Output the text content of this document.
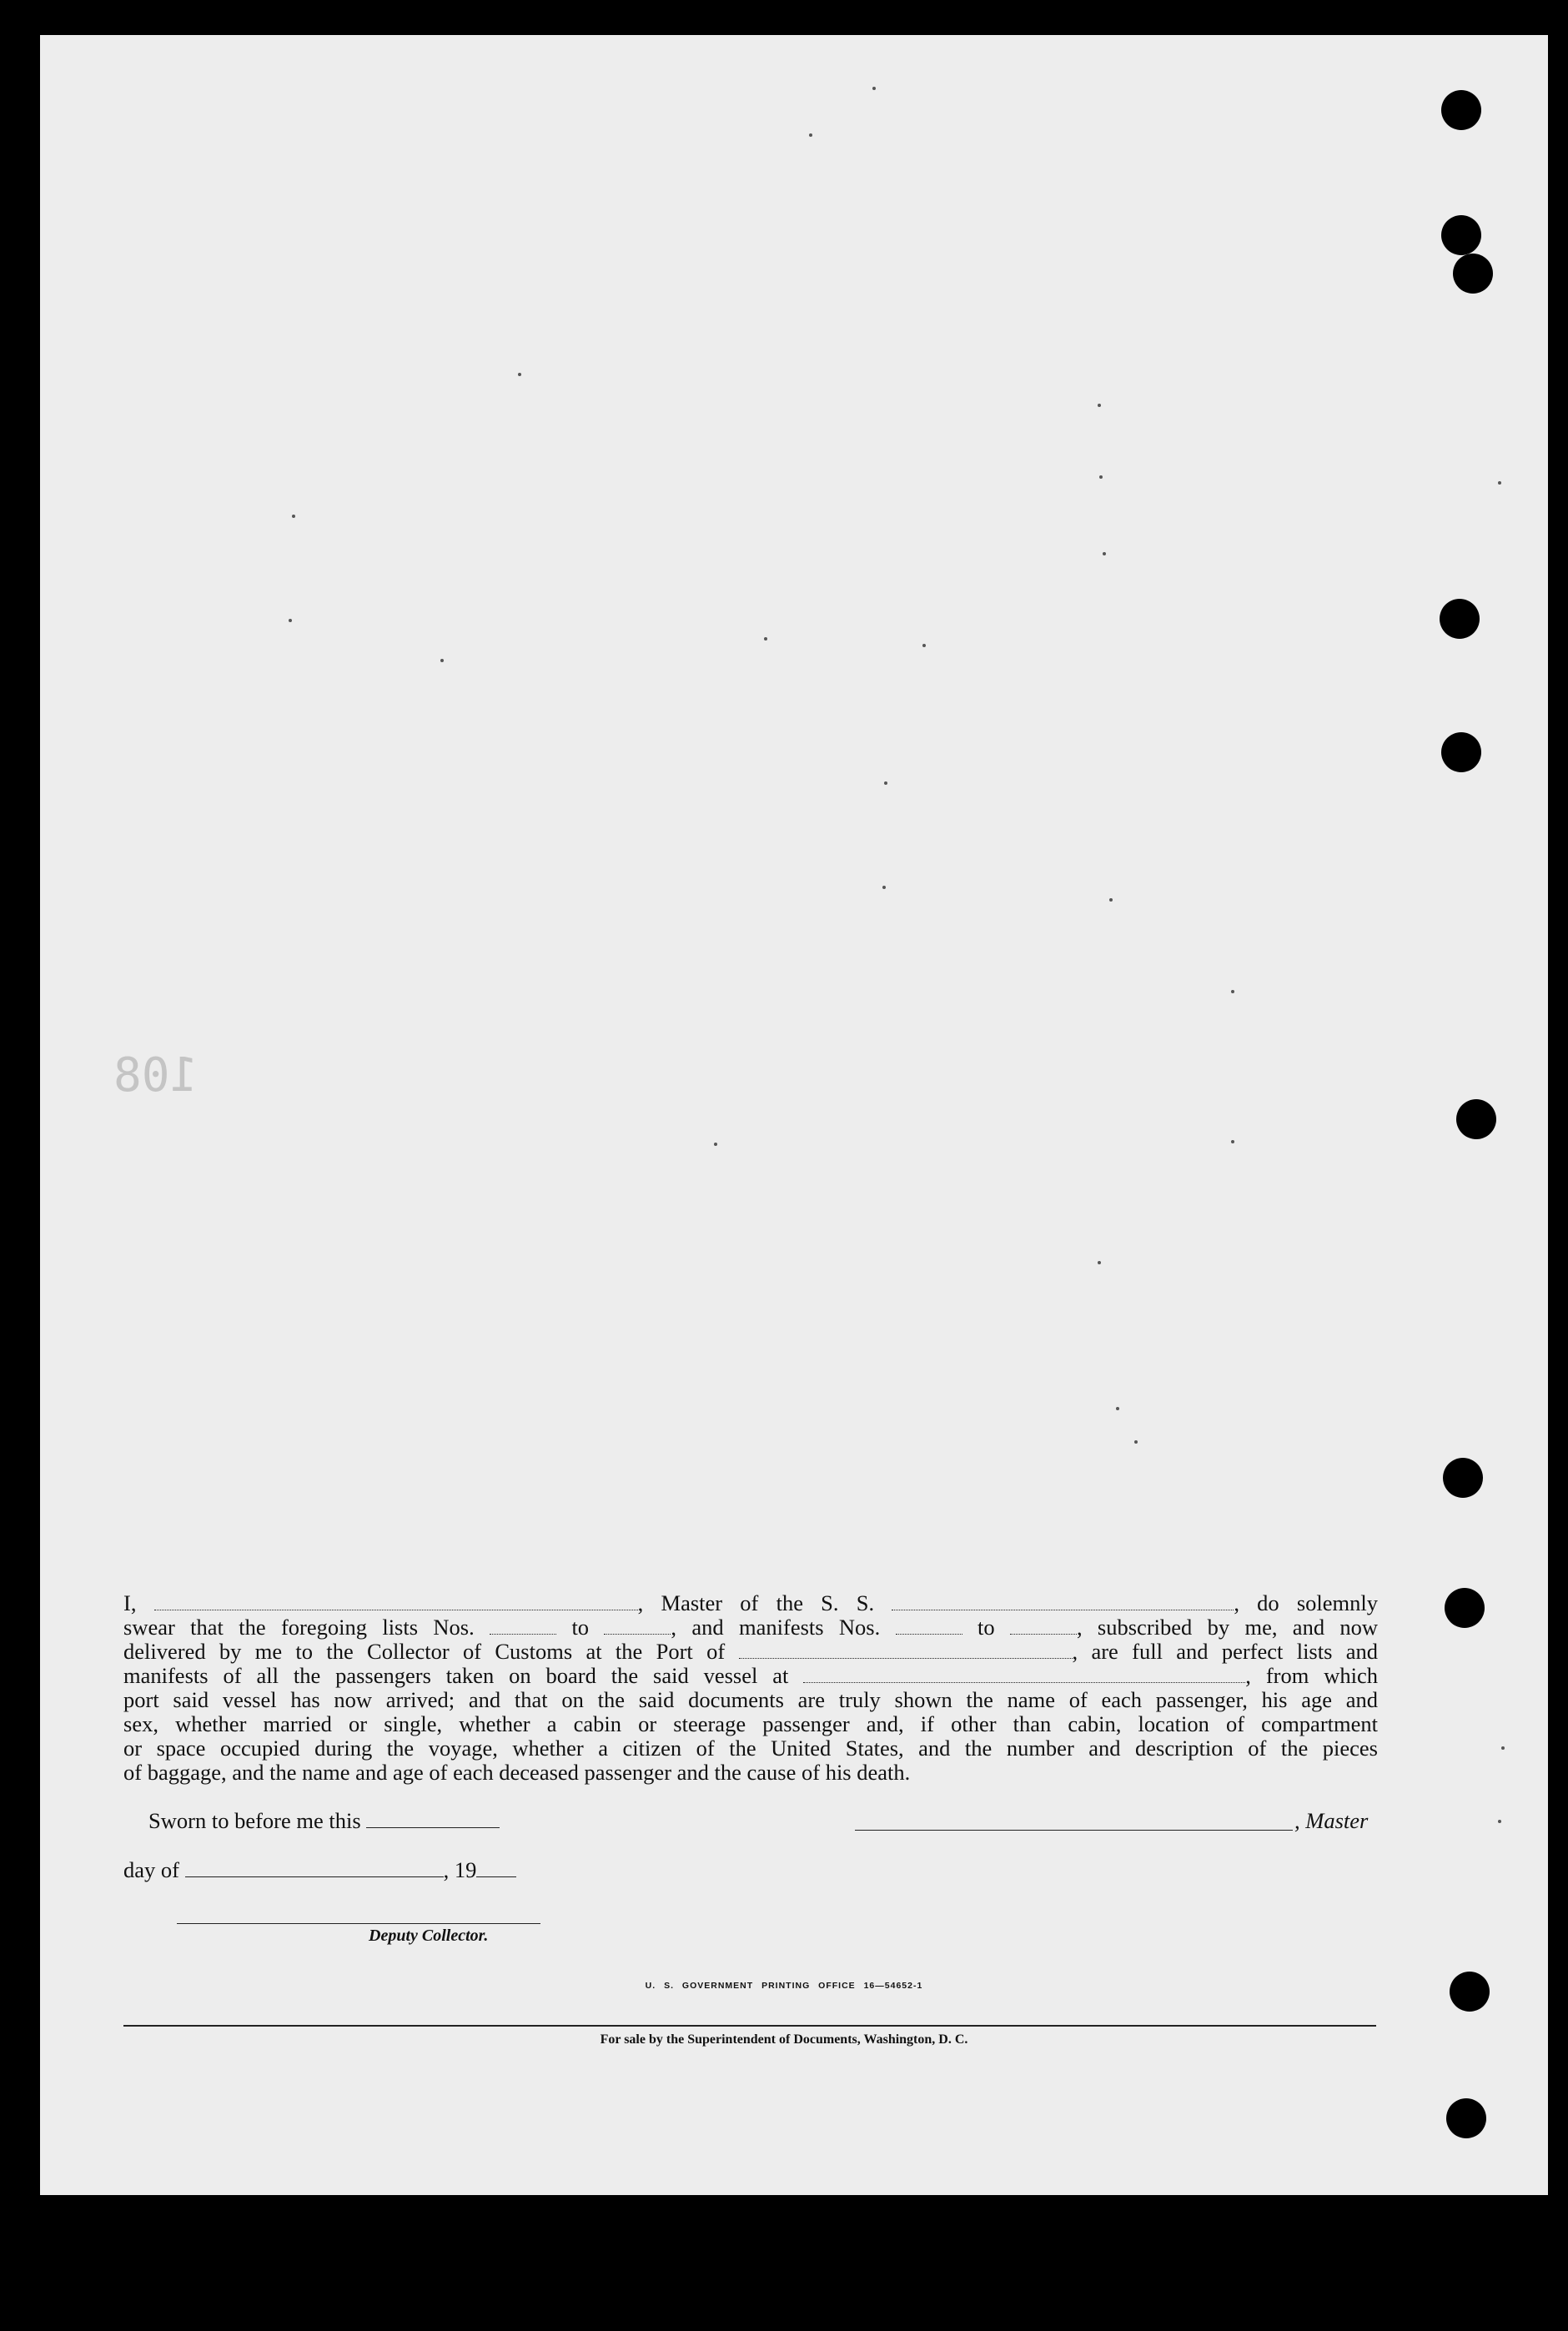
108
I,	, Master of the S. S.	, do solemnly
swear that the foregoing lists Nos.	to	, and manifests Nos.	to	, subscribed by me, and now
delivered by me to the Collector of Customs at the Port of	, are full and perfect lists and
manifests of all the passengers taken on board the said vessel at	, from which
port said vessel has now arrived; and that on the said documents are truly shown the name of each passenger, his age and
sex, whether married or single, whether a cabin or steerage passenger and, if other than cabin, location of compartment
or space occupied during the voyage, whether a citizen of the United States, and the number and description of the pieces
of baggage, and the name and age of each deceased passenger and the cause of his death.
Sworn to before me this	, Master
day of	, 19
Deputy Collector.
U. S. GOVERNMENT PRINTING OFFICE 16—54652-1
For sale by the Superintendent of Documents, Washington, D. C.
